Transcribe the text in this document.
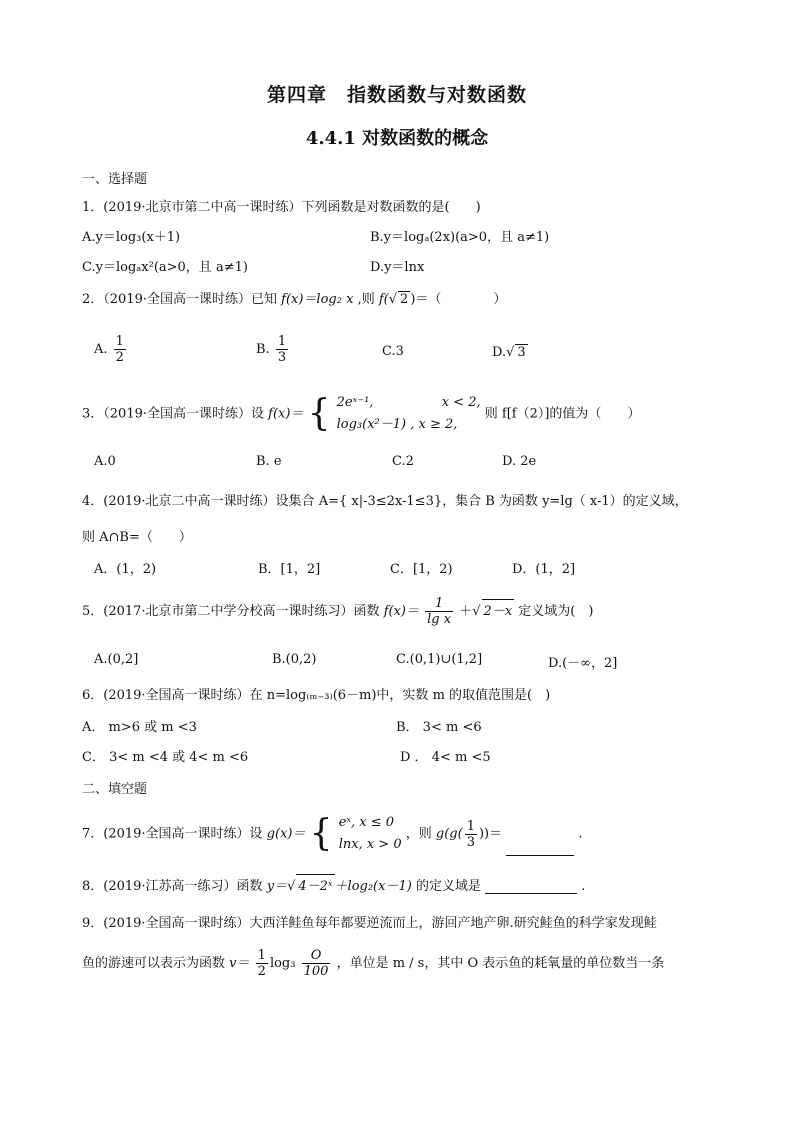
第四章　指数函数与对数函数
4.4.1 对数函数的概念
一、选择题
1．(2019·北京市第二中高一课时练）下列函数是对数函数的是(　　)
A.y＝log₃(x＋1)	B.y＝logₐ(2x)(a>0，且 a≠1)
C.y＝logₐx²(a>0，且 a≠1)	D.y＝lnx
2．（2019·全国高一课时练）已知 f(x)＝log₂ x ,则 f(√ 2 )＝（　　　　）
A. $\frac{1}{2}$	B. $\frac{1}{3}$	C.3	D.√ 3
3．（2019·全国高一课时练）设 f(x)＝ { 2eˣ⁻¹,	x < 2,
log₃(x²－1) , x ≥ 2, 则 f[f（2）]的值为（　　）
A.0	B. e	C.2	D. 2e
4．(2019·北京二中高一课时练）设集合 A={ x|-3≤2x-1≤3}，集合 B 为函数 y=lg（ x-1）的定义域，
则 A∩B=（　　）
A．(1，2)	B．[1，2]	C．[1，2)	D．(1，2]
5．(2017·北京市第二中学分校高一课时练习）函数 $f(x)= \frac{1}{\text{lg x}}$ ＋√ 2－x 定义域为(　)
A.(0,2]	B.(0,2)	C.(0,1)∪(1,2]	D.(－∞，2]
6．(2019·全国高一课时练）在 n=log₍ₘ₋₃₎(6－m)中，实数 m 的取值范围是(　)
A． m>6 或 m <3	B． 3< m <6
C． 3< m <4 或 4< m <6	D ． 4< m <5
二、填空题
7．(2019·全国高一课时练）设 g(x)＝ { eˣ, x ≤ 0
lnx, x > 0 ，则 $g(g( \frac{1}{3}$ ))＝	.
8．(2019·江苏高一练习）函数 y＝√ 4－2ˣ ＋log₂(x－1) 的定义域是	.
9．(2019·全国高一课时练）大西洋鲑鱼每年都要逆流而上，游回产地产卵.研究鲑鱼的科学家发现鲑
鱼的游速可以表示为函数 $v= \frac{1}{2} \log_3 \frac{O}{100}$ ，单位是 m / s，其中 O 表示鱼的耗氧量的单位数当一条
